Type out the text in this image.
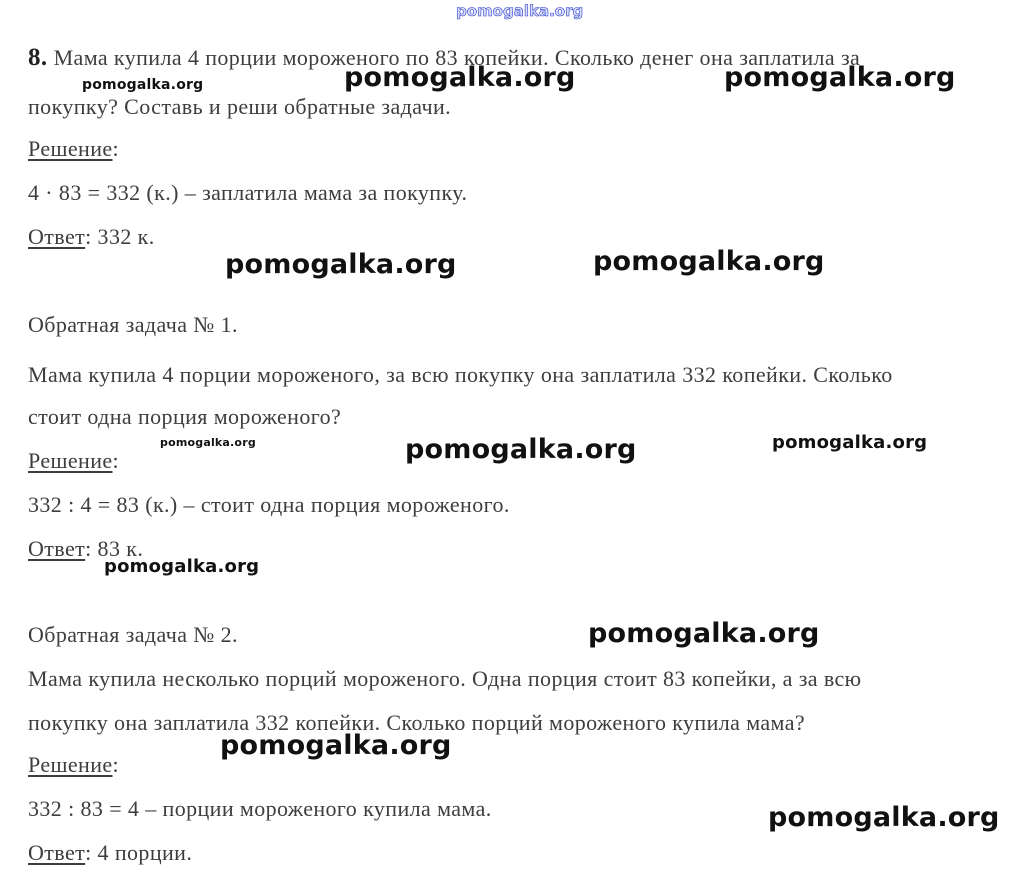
pomogalka.org
8. Мама купила 4 порции мороженого по 83 копейки. Сколько денег она заплатила за
покупку? Составь и реши обратные задачи.
Решение:
4 · 83 = 332 (к.) – заплатила мама за покупку.
Ответ: 332 к.
Обратная задача № 1.
Мама купила 4 порции мороженого, за всю покупку она заплатила 332 копейки. Сколько
стоит одна порция мороженого?
Решение:
332 : 4 = 83 (к.) – стоит одна порция мороженого.
Ответ: 83 к.
Обратная задача № 2.
Мама купила несколько порций мороженого. Одна порция стоит 83 копейки, а за всю
покупку она заплатила 332 копейки. Сколько порций мороженого купила мама?
Решение:
332 : 83 = 4 – порции мороженого купила мама.
Ответ: 4 порции.
pomogalka.org	pomogalka.org	pomogalka.org
pomogalka.org	pomogalka.org
pomogalka.org	pomogalka.org	pomogalka.org
pomogalka.org
pomogalka.org
pomogalka.org
pomogalka.org
